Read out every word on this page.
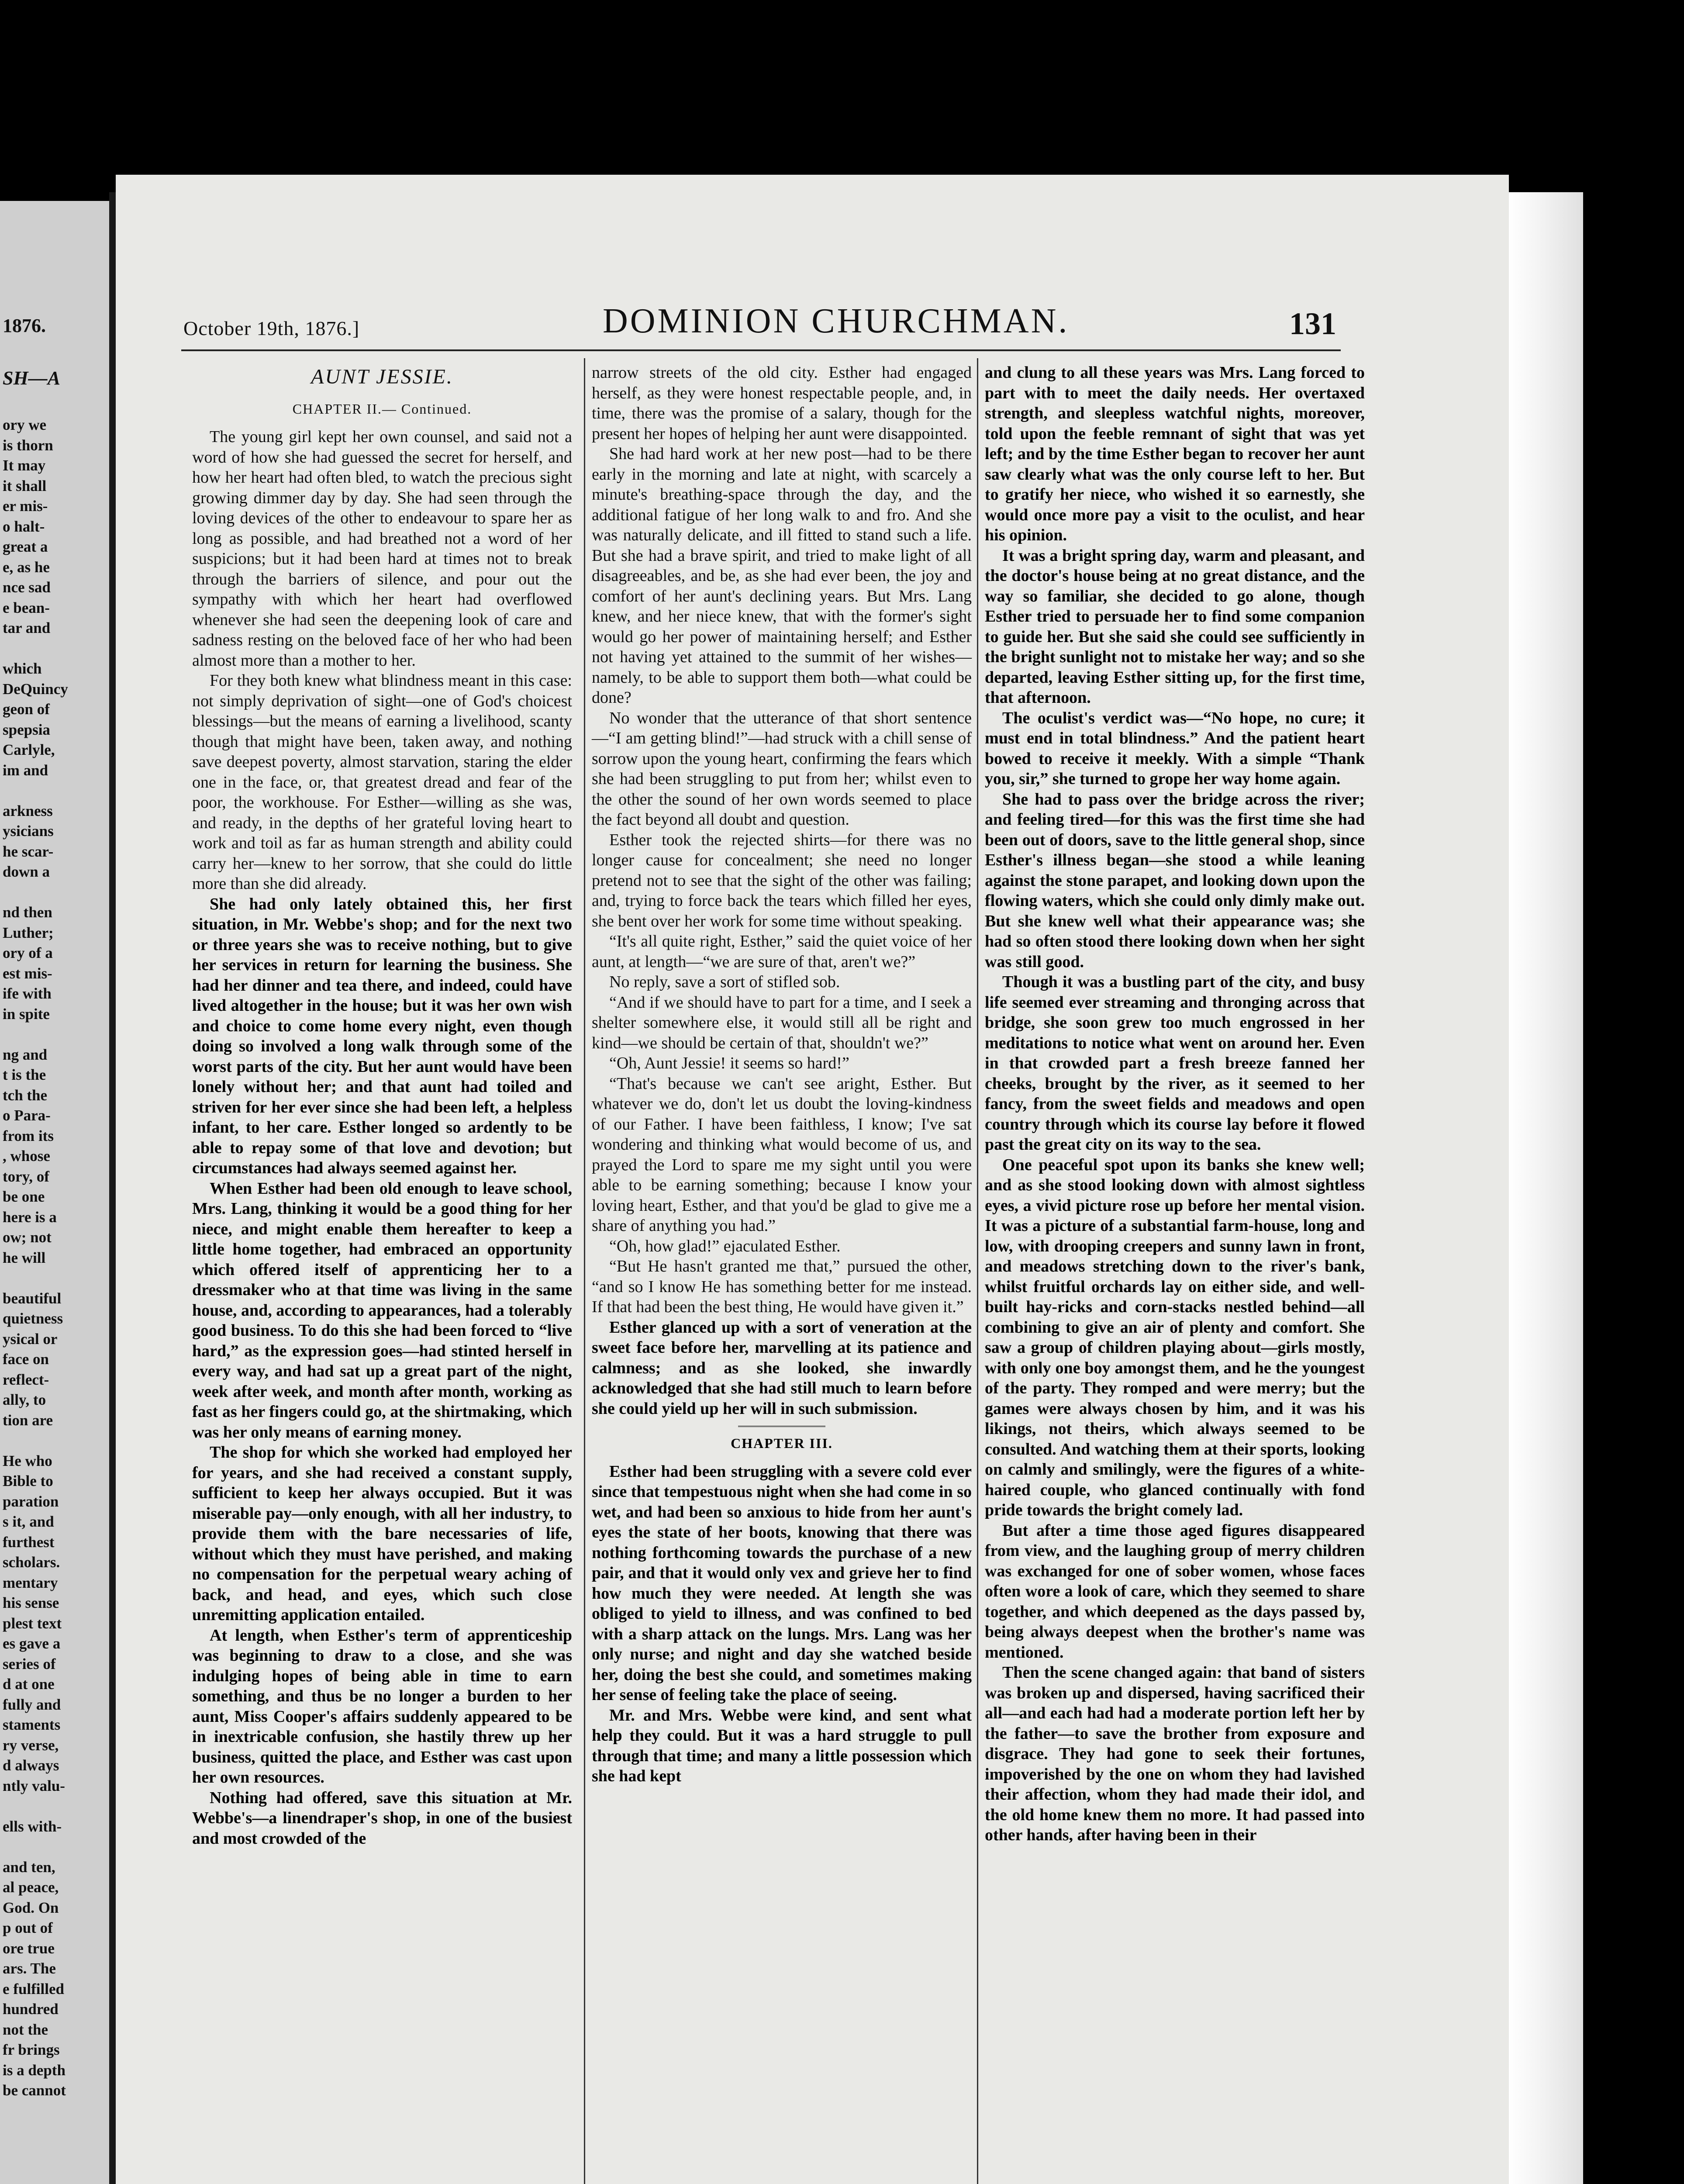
1876.
SH—A
ory we
is thorn
It may
it shall
er mis-
o halt-
great a
e, as he
nce sad
e bean-
tar and

which
DeQuincy
geon of
spepsia
Carlyle,
im and

arkness
ysicians
he scar-
down a

nd then
Luther;
ory of a
est mis-
ife with
in spite

ng and
t is the
tch the
o Para-
from its
, whose
tory, of
be one
here is a
ow; not
he will

beautiful
quietness
ysical or
face on
reflect-
ally, to
tion are

He who
Bible to
paration
s it, and
furthest
scholars.
mentary
his sense
plest text
es gave a
series of
d at one
fully and
staments
ry verse,
d always
ntly valu-

ells with-

and ten,
al peace,
God. On
p out of
ore true
ars. The
e fulfilled
hundred
not the
fr brings
is a depth
be cannot
October 19th, 1876.]	DOMINION CHURCHMAN.	131
AUNT JESSIE.
CHAPTER II.— Continued.

The young girl kept her own counsel, and said not a word of how she had guessed the secret for herself, and how her heart had often bled, to watch the precious sight growing dimmer day by day. She had seen through the loving devices of the other to endeavour to spare her as long as possible, and had breathed not a word of her suspicions; but it had been hard at times not to break through the barriers of silence, and pour out the sympathy with which her heart had overflowed whenever she had seen the deepening look of care and sadness resting on the beloved face of her who had been almost more than a mother to her.

For they both knew what blindness meant in this case: not simply deprivation of sight—one of God's choicest blessings—but the means of earning a livelihood, scanty though that might have been, taken away, and nothing save deepest poverty, almost starvation, staring the elder one in the face, or, that greatest dread and fear of the poor, the workhouse. For Esther—willing as she was, and ready, in the depths of her grateful loving heart to work and toil as far as human strength and ability could carry her—knew to her sorrow, that she could do little more than she did already.

She had only lately obtained this, her first situation, in Mr. Webbe's shop; and for the next two or three years she was to receive nothing, but to give her services in return for learning the business. She had her dinner and tea there, and indeed, could have lived altogether in the house; but it was her own wish and choice to come home every night, even though doing so involved a long walk through some of the worst parts of the city. But her aunt would have been lonely without her; and that aunt had toiled and striven for her ever since she had been left, a helpless infant, to her care. Esther longed so ardently to be able to repay some of that love and devotion; but circumstances had always seemed against her.

When Esther had been old enough to leave school, Mrs. Lang, thinking it would be a good thing for her niece, and might enable them hereafter to keep a little home together, had embraced an opportunity which offered itself of apprenticing her to a dressmaker who at that time was living in the same house, and, according to appearances, had a tolerably good business. To do this she had been forced to “live hard,” as the expression goes—had stinted herself in every way, and had sat up a great part of the night, week after week, and month after month, working as fast as her fingers could go, at the shirtmaking, which was her only means of earning money.

The shop for which she worked had employed her for years, and she had received a constant supply, sufficient to keep her always occupied. But it was miserable pay—only enough, with all her industry, to provide them with the bare necessaries of life, without which they must have perished, and making no compensation for the perpetual weary aching of back, and head, and eyes, which such close unremitting application entailed.

At length, when Esther's term of apprenticeship was beginning to draw to a close, and she was indulging hopes of being able in time to earn something, and thus be no longer a burden to her aunt, Miss Cooper's affairs suddenly appeared to be in inextricable confusion, she hastily threw up her business, quitted the place, and Esther was cast upon her own resources.

Nothing had offered, save this situation at Mr. Webbe's—a linendraper's shop, in one of the busiest and most crowded of the

narrow streets of the old city. Esther had engaged herself, as they were honest respectable people, and, in time, there was the promise of a salary, though for the present her hopes of helping her aunt were disappointed.

She had hard work at her new post—had to be there early in the morning and late at night, with scarcely a minute's breathing-space through the day, and the additional fatigue of her long walk to and fro. And she was naturally delicate, and ill fitted to stand such a life. But she had a brave spirit, and tried to make light of all disagreeables, and be, as she had ever been, the joy and comfort of her aunt's declining years. But Mrs. Lang knew, and her niece knew, that with the former's sight would go her power of maintaining herself; and Esther not having yet attained to the summit of her wishes—namely, to be able to support them both—what could be done?

No wonder that the utterance of that short sentence—“I am getting blind!”—had struck with a chill sense of sorrow upon the young heart, confirming the fears which she had been struggling to put from her; whilst even to the other the sound of her own words seemed to place the fact beyond all doubt and question.

Esther took the rejected shirts—for there was no longer cause for concealment; she need no longer pretend not to see that the sight of the other was failing; and, trying to force back the tears which filled her eyes, she bent over her work for some time without speaking.

“It's all quite right, Esther,” said the quiet voice of her aunt, at length—“we are sure of that, aren't we?”

No reply, save a sort of stifled sob.

“And if we should have to part for a time, and I seek a shelter somewhere else, it would still all be right and kind—we should be certain of that, shouldn't we?”

“Oh, Aunt Jessie! it seems so hard!”

“That's because we can't see aright, Esther. But whatever we do, don't let us doubt the loving-kindness of our Father. I have been faithless, I know; I've sat wondering and thinking what would become of us, and prayed the Lord to spare me my sight until you were able to be earning something; because I know your loving heart, Esther, and that you'd be glad to give me a share of anything you had.”

“Oh, how glad!” ejaculated Esther.

“But He hasn't granted me that,” pursued the other, “and so I know He has something better for me instead. If that had been the best thing, He would have given it.”

Esther glanced up with a sort of veneration at the sweet face before her, marvelling at its patience and calmness; and as she looked, she inwardly acknowledged that she had still much to learn before she could yield up her will in such submission.

CHAPTER III.

Esther had been struggling with a severe cold ever since that tempestuous night when she had come in so wet, and had been so anxious to hide from her aunt's eyes the state of her boots, knowing that there was nothing forthcoming towards the purchase of a new pair, and that it would only vex and grieve her to find how much they were needed. At length she was obliged to yield to illness, and was confined to bed with a sharp attack on the lungs. Mrs. Lang was her only nurse; and night and day she watched beside her, doing the best she could, and sometimes making her sense of feeling take the place of seeing.

Mr. and Mrs. Webbe were kind, and sent what help they could. But it was a hard struggle to pull through that time; and many a little possession which she had kept

and clung to all these years was Mrs. Lang forced to part with to meet the daily needs. Her overtaxed strength, and sleepless watchful nights, moreover, told upon the feeble remnant of sight that was yet left; and by the time Esther began to recover her aunt saw clearly what was the only course left to her. But to gratify her niece, who wished it so earnestly, she would once more pay a visit to the oculist, and hear his opinion.

It was a bright spring day, warm and pleasant, and the doctor's house being at no great distance, and the way so familiar, she decided to go alone, though Esther tried to persuade her to find some companion to guide her. But she said she could see sufficiently in the bright sunlight not to mistake her way; and so she departed, leaving Esther sitting up, for the first time, that afternoon.

The oculist's verdict was—“No hope, no cure; it must end in total blindness.” And the patient heart bowed to receive it meekly. With a simple “Thank you, sir,” she turned to grope her way home again.

She had to pass over the bridge across the river; and feeling tired—for this was the first time she had been out of doors, save to the little general shop, since Esther's illness began—she stood a while leaning against the stone parapet, and looking down upon the flowing waters, which she could only dimly make out. But she knew well what their appearance was; she had so often stood there looking down when her sight was still good.

Though it was a bustling part of the city, and busy life seemed ever streaming and thronging across that bridge, she soon grew too much engrossed in her meditations to notice what went on around her. Even in that crowded part a fresh breeze fanned her cheeks, brought by the river, as it seemed to her fancy, from the sweet fields and meadows and open country through which its course lay before it flowed past the great city on its way to the sea.

One peaceful spot upon its banks she knew well; and as she stood looking down with almost sightless eyes, a vivid picture rose up before her mental vision. It was a picture of a substantial farm-house, long and low, with drooping creepers and sunny lawn in front, and meadows stretching down to the river's bank, whilst fruitful orchards lay on either side, and well-built hay-ricks and corn-stacks nestled behind—all combining to give an air of plenty and comfort. She saw a group of children playing about—girls mostly, with only one boy amongst them, and he the youngest of the party. They romped and were merry; but the games were always chosen by him, and it was his likings, not theirs, which always seemed to be consulted. And watching them at their sports, looking on calmly and smilingly, were the figures of a white-haired couple, who glanced continually with fond pride towards the bright comely lad.

But after a time those aged figures disappeared from view, and the laughing group of merry children was exchanged for one of sober women, whose faces often wore a look of care, which they seemed to share together, and which deepened as the days passed by, being always deepest when the brother's name was mentioned.

Then the scene changed again: that band of sisters was broken up and dispersed, having sacrificed their all—and each had had a moderate portion left her by the father—to save the brother from exposure and disgrace. They had gone to seek their fortunes, impoverished by the one on whom they had lavished their affection, whom they had made their idol, and the old home knew them no more. It had passed into other hands, after having been in their
